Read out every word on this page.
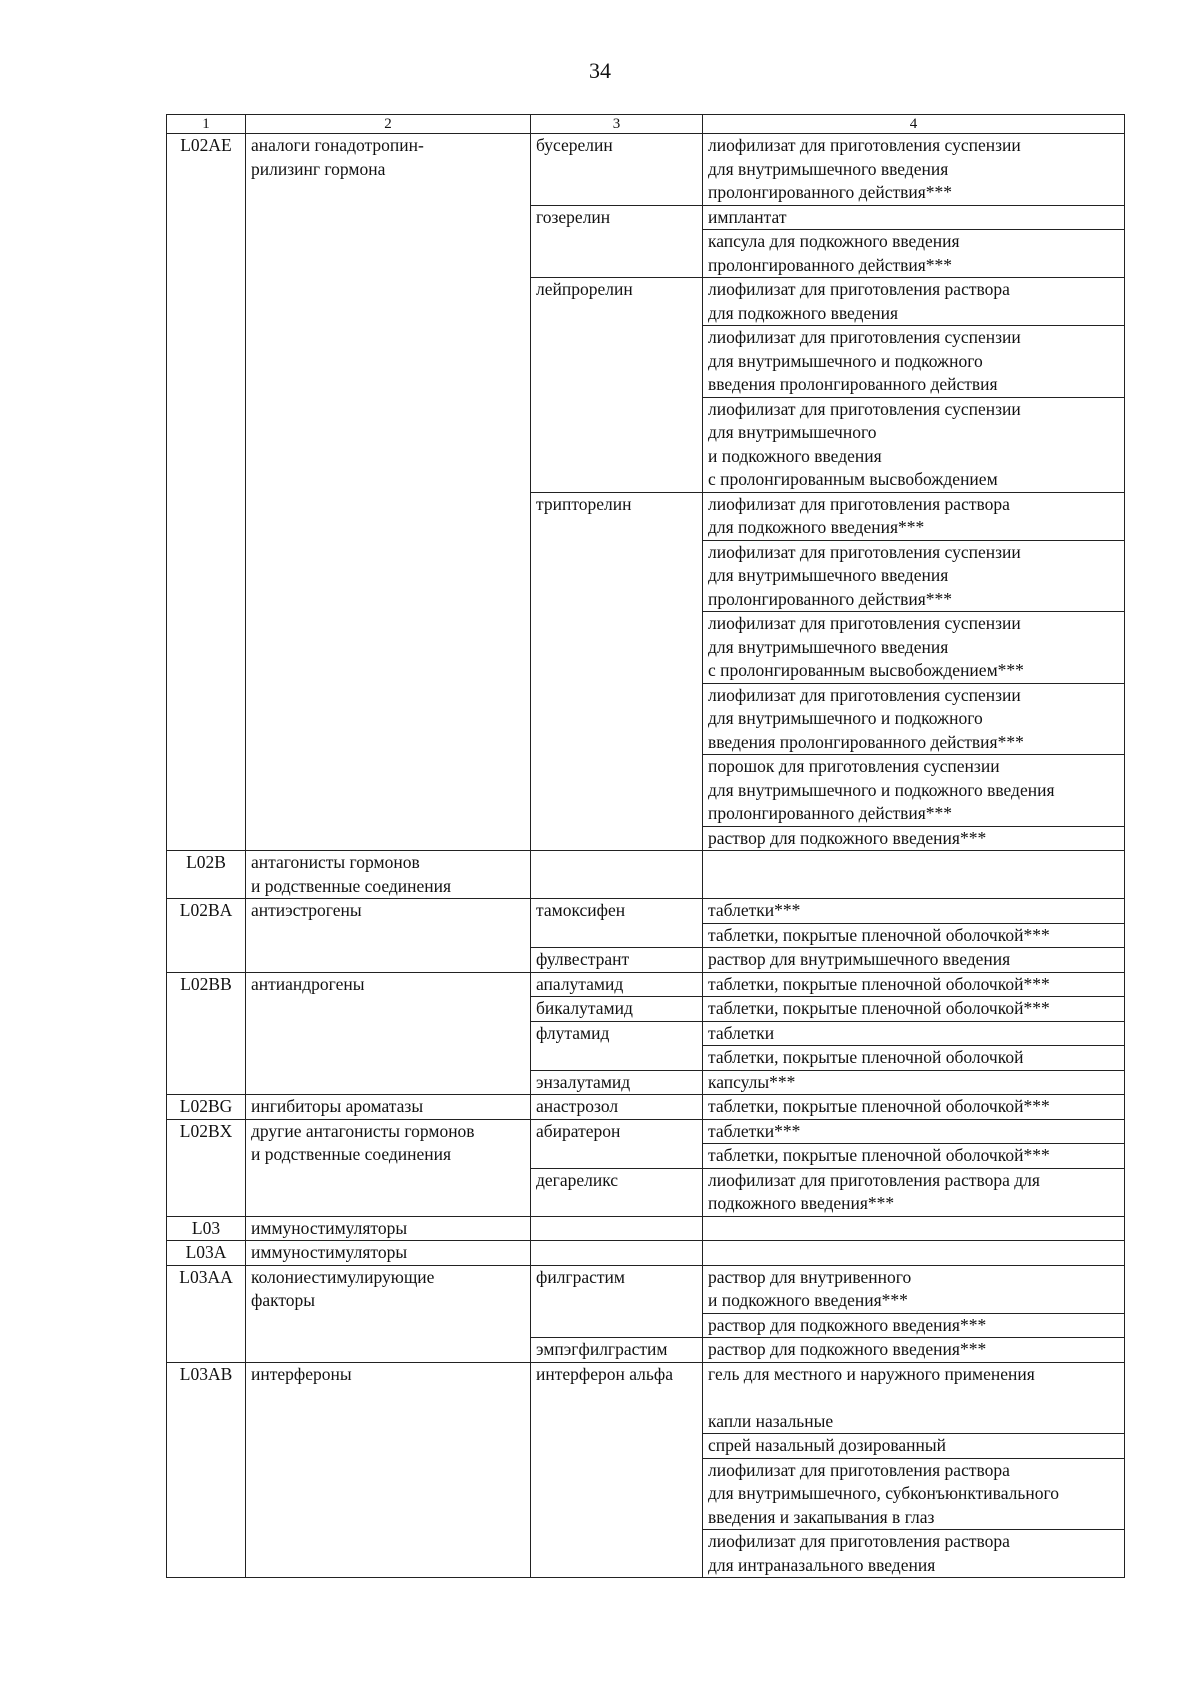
34
1	2	3	4
L02AE	аналоги гонадотропин-
рилизинг гормона	бусерелин	лиофилизат для приготовления суспензии
для внутримышечного введения
пролонгированного действия***
		гозерелин	имплантат
			капсула для подкожного введения
пролонгированного действия***
		лейпрорелин	лиофилизат для приготовления раствора
для подкожного введения
			лиофилизат для приготовления суспензии
для внутримышечного и подкожного
введения пролонгированного действия
			лиофилизат для приготовления суспензии
для внутримышечного
и подкожного введения
с пролонгированным высвобождением
		трипторелин	лиофилизат для приготовления раствора
для подкожного введения***
			лиофилизат для приготовления суспензии
для внутримышечного введения
пролонгированного действия***
			лиофилизат для приготовления суспензии
для внутримышечного введения
с пролонгированным высвобождением***
			лиофилизат для приготовления суспензии
для внутримышечного и подкожного
введения пролонгированного действия***
			порошок для приготовления суспензии
для внутримышечного и подкожного введения
пролонгированного действия***
			раствор для подкожного введения***
L02B	антагонисты гормонов
и родственные соединения		
L02BA	антиэстрогены	тамоксифен	таблетки***
			таблетки, покрытые пленочной оболочкой***
		фулвестрант	раствор для внутримышечного введения
L02BB	антиандрогены	апалутамид	таблетки, покрытые пленочной оболочкой***
		бикалутамид	таблетки, покрытые пленочной оболочкой***
		флутамид	таблетки
			таблетки, покрытые пленочной оболочкой
		энзалутамид	капсулы***
L02BG	ингибиторы ароматазы	анастрозол	таблетки, покрытые пленочной оболочкой***
L02BX	другие антагонисты гормонов
и родственные соединения	абиратерон	таблетки***
			таблетки, покрытые пленочной оболочкой***
		дегареликс	лиофилизат для приготовления раствора для
подкожного введения***
L03	иммуностимуляторы		
L03A	иммуностимуляторы		
L03AA	колониестимулирующие
факторы	филграстим	раствор для внутривенного
и подкожного введения***
			раствор для подкожного введения***
		эмпэгфилграстим	раствор для подкожного введения***
L03AB	интерфероны	интерферон альфа	гель для местного и наружного применения

капли назальные
			спрей назальный дозированный
			лиофилизат для приготовления раствора
для внутримышечного, субконъюнктивального
введения и закапывания в глаз
			лиофилизат для приготовления раствора
для интраназального введения
